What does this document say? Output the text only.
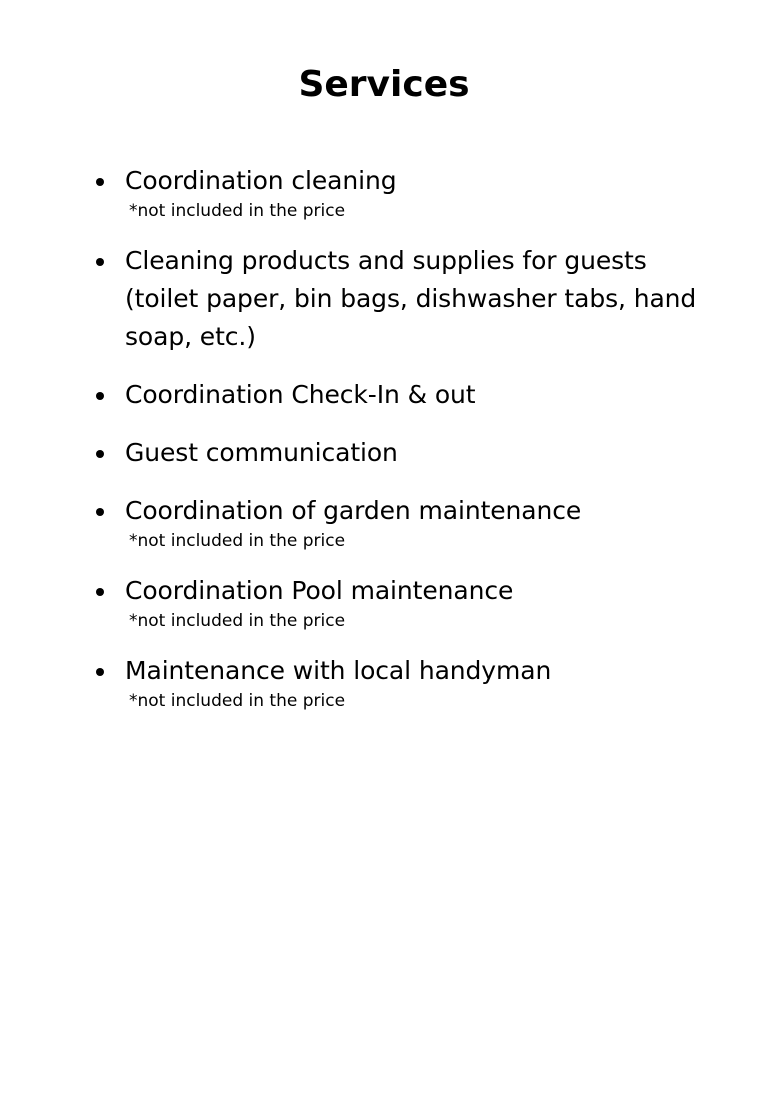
Services
Coordination cleaning
*not included in the price
Cleaning products and supplies for guests (toilet paper, bin bags, dishwasher tabs, hand soap, etc.)
Coordination Check-In & out
Guest communication
Coordination of garden maintenance
*not included in the price
Coordination Pool maintenance
*not included in the price
Maintenance with local handyman
*not included in the price
